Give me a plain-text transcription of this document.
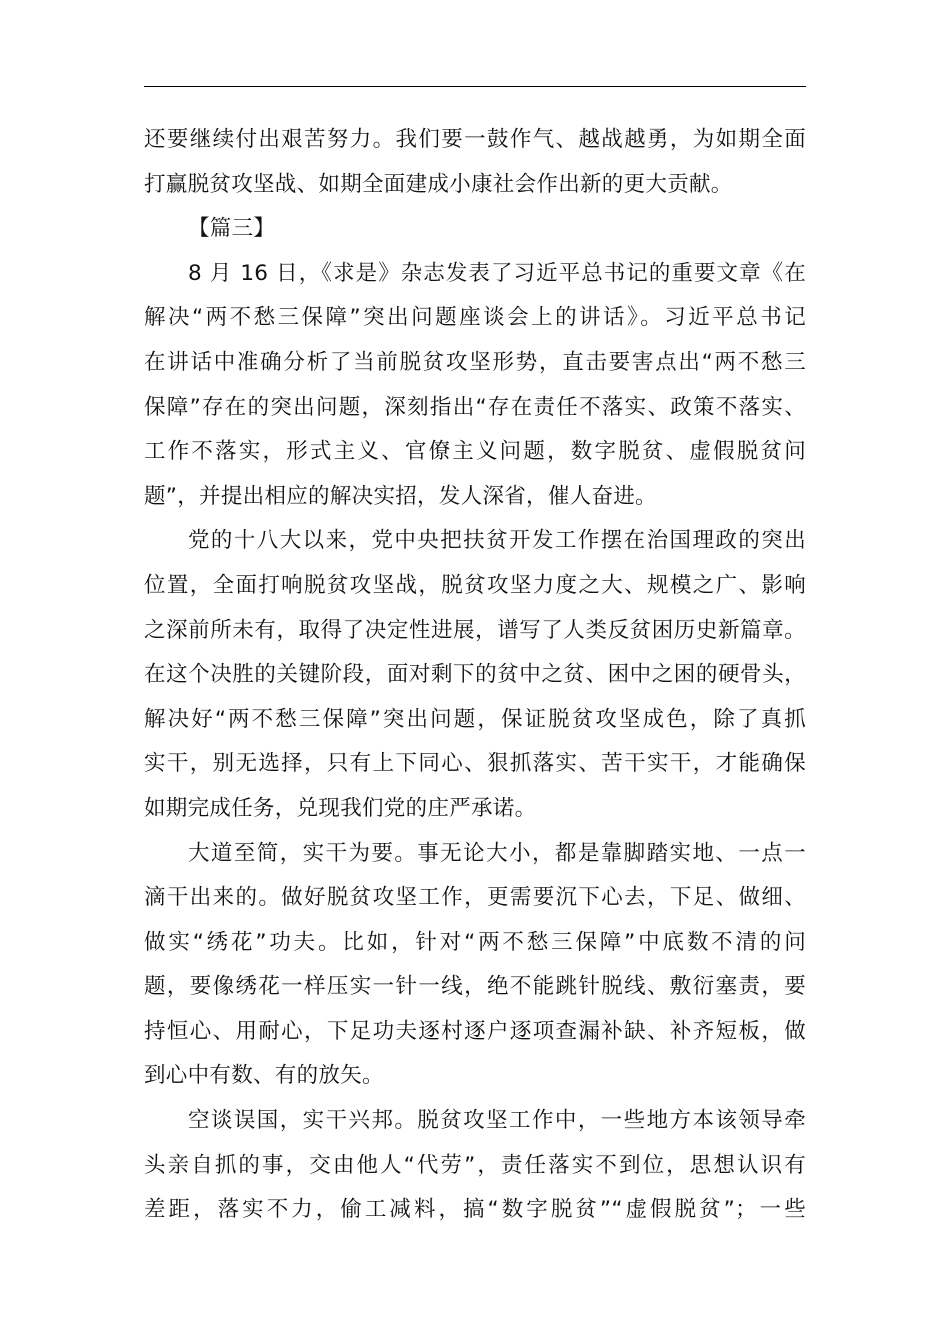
还要继续付出艰苦努力。我们要一鼓作气、越战越勇，为如期全面
打赢脱贫攻坚战、如期全面建成小康社会作出新的更大贡献。
【篇三】
8 月 16 日，《求是》杂志发表了习近平总书记的重要文章《在
解决“两不愁三保障”突出问题座谈会上的讲话》。习近平总书记
在讲话中准确分析了当前脱贫攻坚形势，直击要害点出“两不愁三
保障”存在的突出问题，深刻指出“存在责任不落实、政策不落实、
工作不落实，形式主义、官僚主义问题，数字脱贫、虚假脱贫问
题”，并提出相应的解决实招，发人深省，催人奋进。
党的十八大以来，党中央把扶贫开发工作摆在治国理政的突出
位置，全面打响脱贫攻坚战，脱贫攻坚力度之大、规模之广、影响
之深前所未有，取得了决定性进展，谱写了人类反贫困历史新篇章。
在这个决胜的关键阶段，面对剩下的贫中之贫、困中之困的硬骨头，
解决好“两不愁三保障”突出问题，保证脱贫攻坚成色，除了真抓
实干，别无选择，只有上下同心、狠抓落实、苦干实干，才能确保
如期完成任务，兑现我们党的庄严承诺。
大道至简，实干为要。事无论大小，都是靠脚踏实地、一点一
滴干出来的。做好脱贫攻坚工作，更需要沉下心去，下足、做细、
做实“绣花”功夫。比如，针对“两不愁三保障”中底数不清的问
题，要像绣花一样压实一针一线，绝不能跳针脱线、敷衍塞责，要
持恒心、用耐心，下足功夫逐村逐户逐项查漏补缺、补齐短板，做
到心中有数、有的放矢。
空谈误国，实干兴邦。脱贫攻坚工作中，一些地方本该领导牵
头亲自抓的事，交由他人“代劳”，责任落实不到位，思想认识有
差距，落实不力，偷工减料，搞“数字脱贫”“虚假脱贫”；一些
